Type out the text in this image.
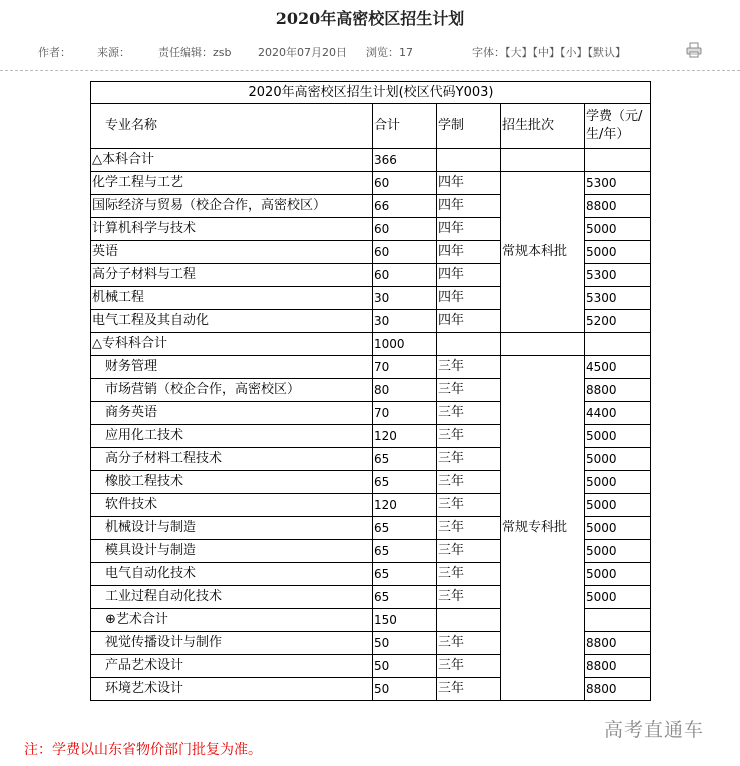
2020年高密校区招生计划
作者： 来源：	责任编辑：zsb 2020年07月20日 浏览：17	字体：【大】【中】【小】【默认】
2020年高密校区招生计划(校区代码Y003)				
专业名称	合计	学制	招生批次	学费（元/生/年）
△本科合计	366			
化学工程与工艺	60	四年	常规本科批	5300
国际经济与贸易（校企合作，高密校区）	66	四年		8800
计算机科学与技术	60	四年		5000
英语	60	四年		5000
高分子材料与工程	60	四年		5300
机械工程	30	四年		5300
电气工程及其自动化	30	四年		5200
△专科科合计	1000			
财务管理	70	三年	常规专科批	4500
市场营销（校企合作，高密校区）	80	三年		8800
商务英语	70	三年		4400
应用化工技术	120	三年		5000
高分子材料工程技术	65	三年		5000
橡胶工程技术	65	三年		5000
软件技术	120	三年		5000
机械设计与制造	65	三年		5000
模具设计与制造	65	三年		5000
电气自动化技术	65	三年		5000
工业过程自动化技术	65	三年		5000
⊕艺术合计	150			
视觉传播设计与制作	50	三年		8800
产品艺术设计	50	三年		8800
环境艺术设计	50	三年		8800
高考直通车
注：学费以山东省物价部门批复为准。
